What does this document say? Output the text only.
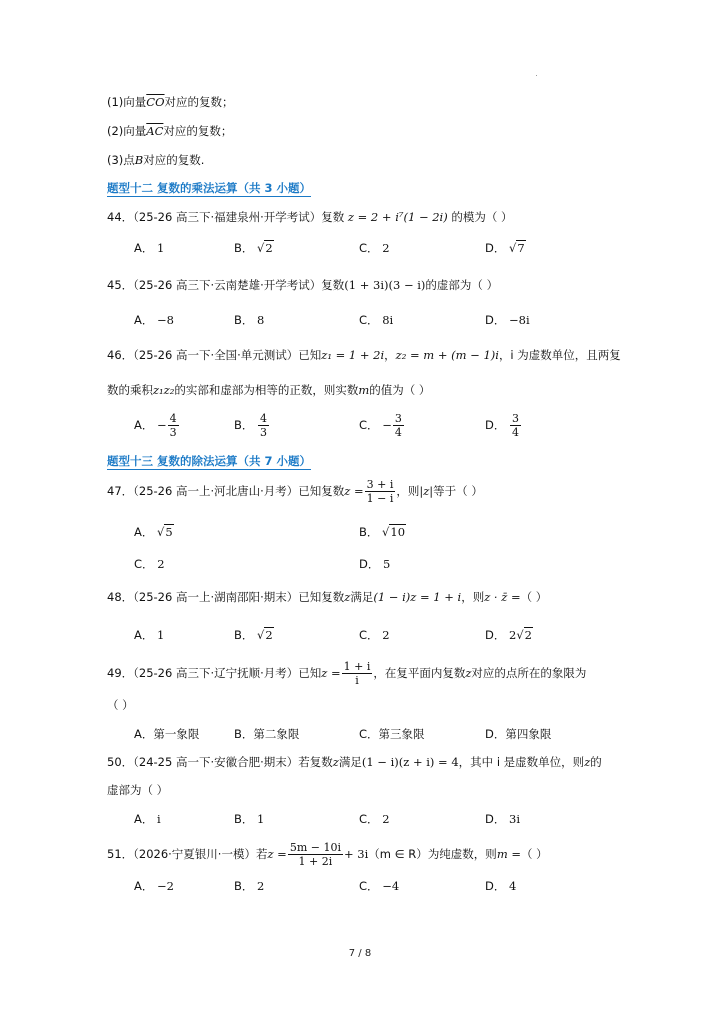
(1)向量$\overline{CO}$对应的复数；
(2)向量$\overline{AC}$对应的复数；
(3)点B对应的复数.
题型十二 复数的乘法运算（共 3 小题）
44．（25-26 高三下·福建泉州·开学考试）复数 z = 2 + i⁷(1 − 2i) 的模为（ ）
A． 1	B． √2	C． 2	D． √7
45．（25-26 高三下·云南楚雄·开学考试）复数(1 + 3i)(3 − i)的虚部为（ ）
A． −8	B． 8	C． 8i	D． −8i
46．（25-26 高一下·全国·单元测试）已知z₁ = 1 + 2i，z₂ = m + (m − 1)i，i 为虚数单位，且两复
数的乘积z₁z₂的实部和虚部为相等的正数，则实数m的值为（ ）
A． − $\frac{4}{3}$	B． $\frac{4}{3}$	C． − $\frac{3}{4}$	D． $\frac{3}{4}$
题型十三 复数的除法运算（共 7 小题）
47．（25-26 高一上·河北唐山·月考）已知复数$z = \frac{3 + i}{1 - i}$ ，则|z|等于（ ）
A． √5	B． √10
C． 2	D． 5
48．（25-26 高一上·湖南邵阳·期末）已知复数z满足(1 − i)z = 1 + i，则z · z̄ =（ ）
A． 1	B． √2	C． 2	D． 2√2
49．（25-26 高三下·辽宁抚顺·月考）已知$z = \frac{1 + i}{i}$ ，在复平面内复数z对应的点所在的象限为
（ ）
A．第一象限	B．第二象限	C．第三象限	D．第四象限
50．（24-25 高一下·安徽合肥·期末）若复数z满足(1 − i)(z + i) = 4，其中 i 是虚数单位，则z的
虚部为（ ）
A． i	B． 1	C． 2	D． 3i
51．（2026·宁夏银川·一模）若$z = \frac{5m - 10i}{1 + 2i} + 3i(m$ ∈ R）为纯虚数，则m =（ ）
A． −2	B． 2	C． −4	D． 4
7 / 8
